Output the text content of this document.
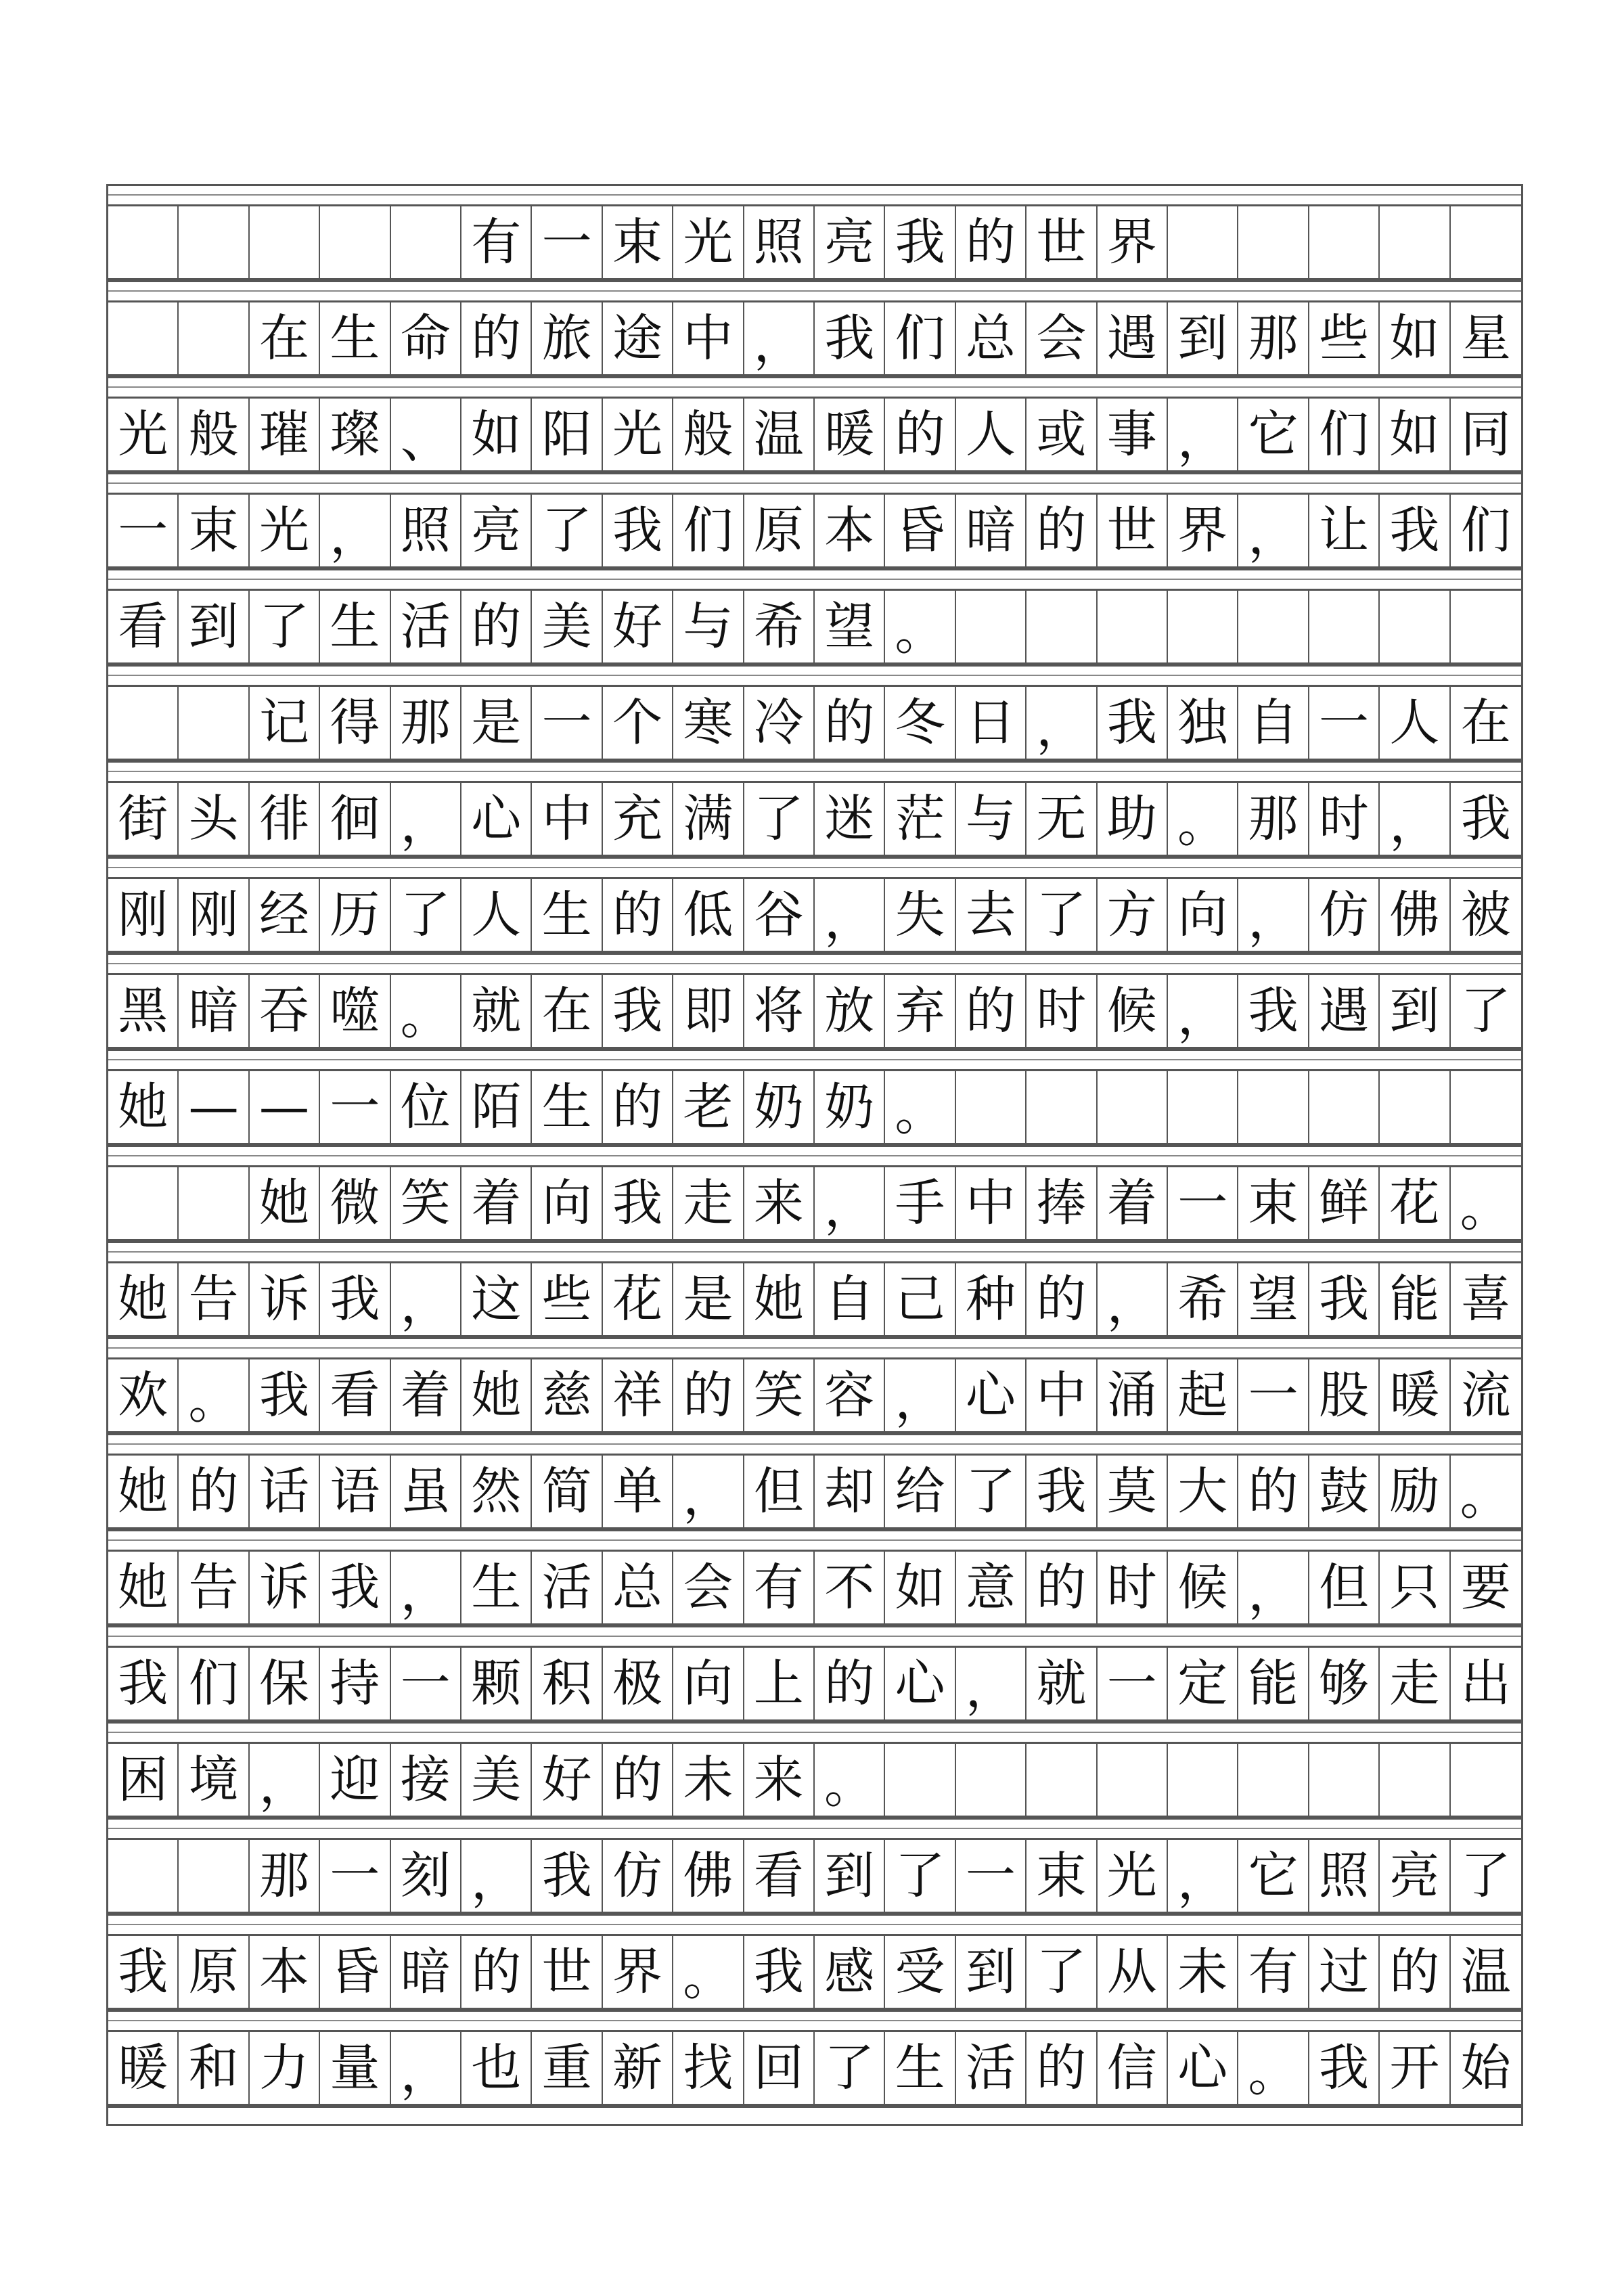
有 一 束 光 照 亮 我 的 世 界
在 生 命 的 旅 途 中 ， 我 们 总 会 遇 到 那 些 如 星
光 般 璀 璨 、 如 阳 光 般 温 暖 的 人 或 事 ， 它 们 如 同
一 束 光 ， 照 亮 了 我 们 原 本 昏 暗 的 世 界 ， 让 我 们
看 到 了 生 活 的 美 好 与 希 望 。
记 得 那 是 一 个 寒 冷 的 冬 日 ， 我 独 自 一 人 在
街 头 徘 徊 ， 心 中 充 满 了 迷 茫 与 无 助 。 那 时 ， 我
刚 刚 经 历 了 人 生 的 低 谷 ， 失 去 了 方 向 ， 仿 佛 被
黑 暗 吞 噬 。 就 在 我 即 将 放 弃 的 时 候 ， 我 遇 到 了
她 — — 一 位 陌 生 的 老 奶 奶 。
她 微 笑 着 向 我 走 来 ， 手 中 捧 着 一 束 鲜 花 。
她 告 诉 我 ， 这 些 花 是 她 自 己 种 的 ， 希 望 我 能 喜
欢 。 我 看 着 她 慈 祥 的 笑 容 ， 心 中 涌 起 一 股 暖 流
她 的 话 语 虽 然 简 单 ， 但 却 给 了 我 莫 大 的 鼓 励 。
她 告 诉 我 ， 生 活 总 会 有 不 如 意 的 时 候 ， 但 只 要
我 们 保 持 一 颗 积 极 向 上 的 心 ， 就 一 定 能 够 走 出
困 境 ， 迎 接 美 好 的 未 来 。
那 一 刻 ， 我 仿 佛 看 到 了 一 束 光 ， 它 照 亮 了
我 原 本 昏 暗 的 世 界 。 我 感 受 到 了 从 未 有 过 的 温
暖 和 力 量 ， 也 重 新 找 回 了 生 活 的 信 心 。 我 开 始
